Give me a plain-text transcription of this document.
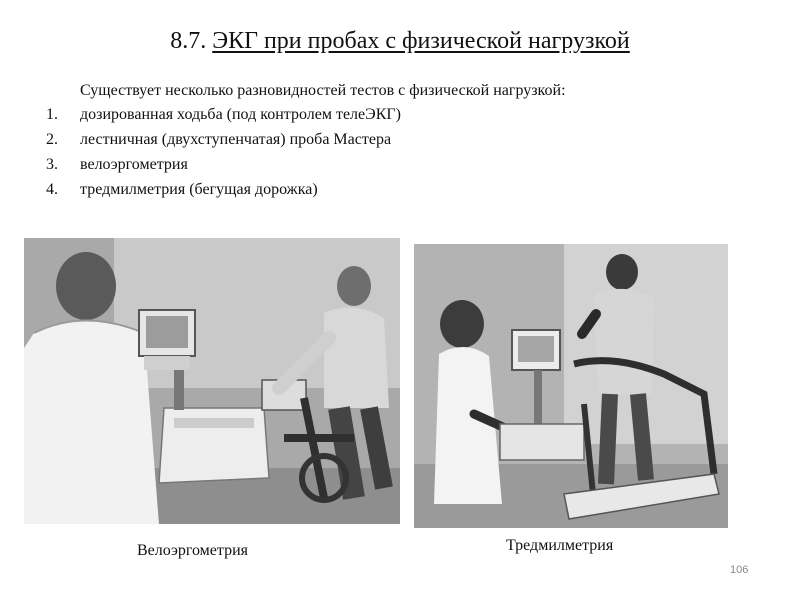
8.7. ЭКГ при пробах с физической нагрузкой
Существует несколько разновидностей тестов с физической нагрузкой:
1.	дозированная ходьба (под контролем телеЭКГ)
2.	лестничная (двухступенчатая) проба Мастера
3.	велоэргометрия
4.	тредмилметрия (бегущая дорожка)
Велоэргометрия	Тредмилметрия
106
